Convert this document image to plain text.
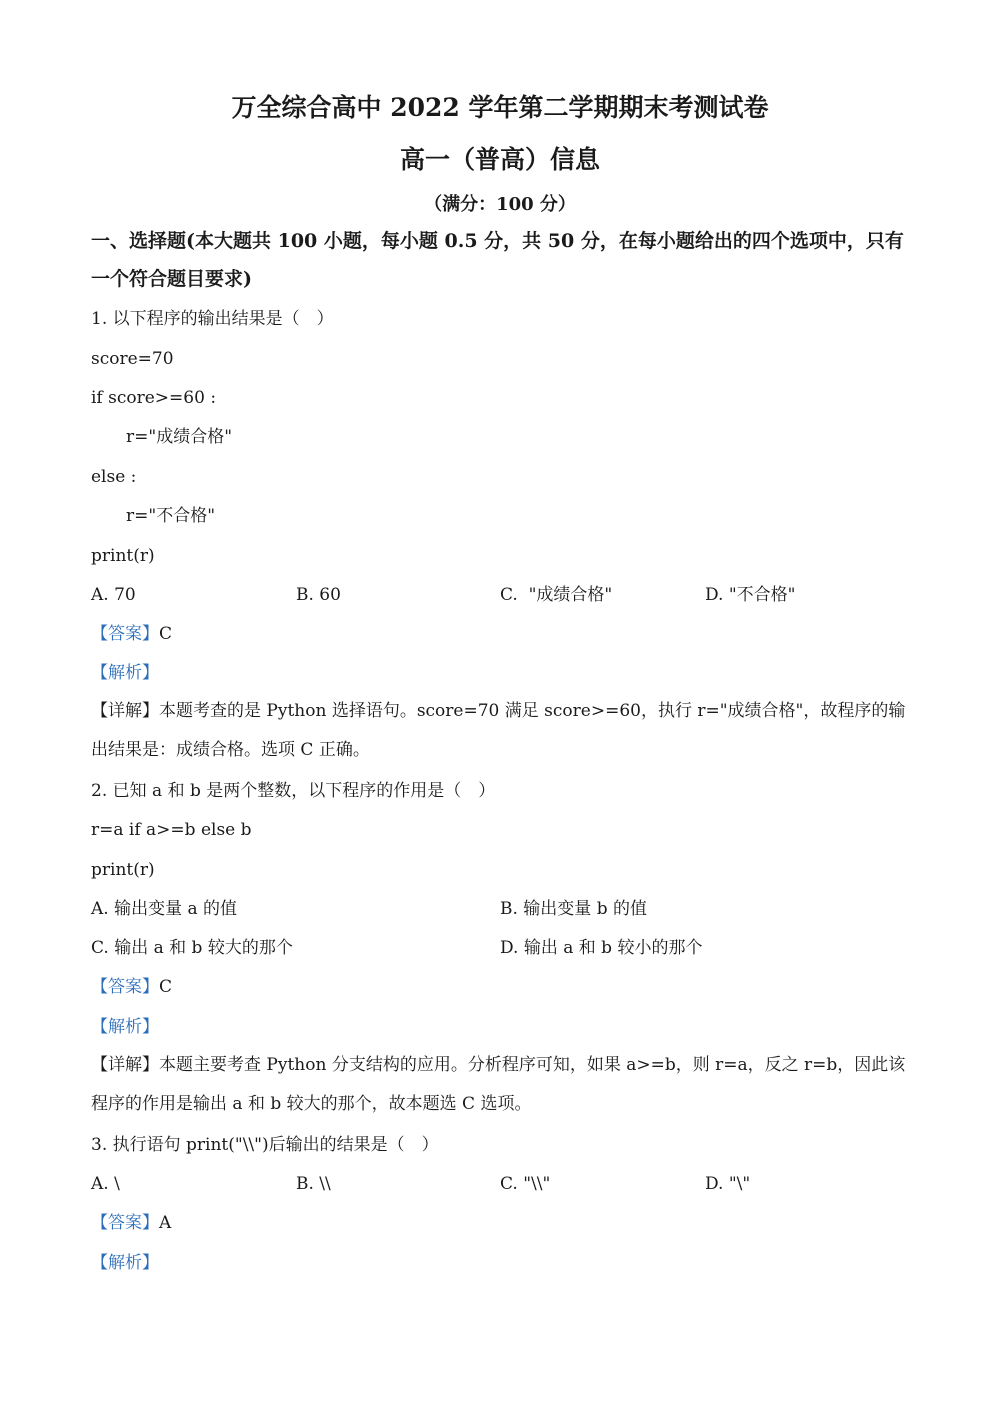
万全综合高中 2022 学年第二学期期末考测试卷
高一（普高）信息
（满分：100 分）
一、选择题(本大题共 100 小题，每小题 0.5 分，共 50 分，在每小题给出的四个选项中，只有一个符合题目要求)
1. 以下程序的输出结果是（　）
score=70
if score>=60 :
r="成绩合格"
else :
r="不合格"
print(r)
A. 70	B. 60	C.  "成绩合格"	D. "不合格"
【答案】C
【解析】
【详解】本题考查的是 Python 选择语句。score=70 满足 score>=60，执行 r="成绩合格"，故程序的输出结果是：成绩合格。选项 C 正确。
2. 已知 a 和 b 是两个整数，以下程序的作用是（　）
r=a if a>=b else b
print(r)
A. 输出变量 a 的值	B. 输出变量 b 的值
C. 输出 a 和 b 较大的那个	D. 输出 a 和 b 较小的那个
【答案】C
【解析】
【详解】本题主要考查 Python 分支结构的应用。分析程序可知，如果 a>=b，则 r=a，反之 r=b，因此该程序的作用是输出 a 和 b 较大的那个，故本题选 C 选项。
3. 执行语句 print("\\")后输出的结果是（　）
A. \	B. \\	C. "\\"	D. "\"
【答案】A
【解析】
